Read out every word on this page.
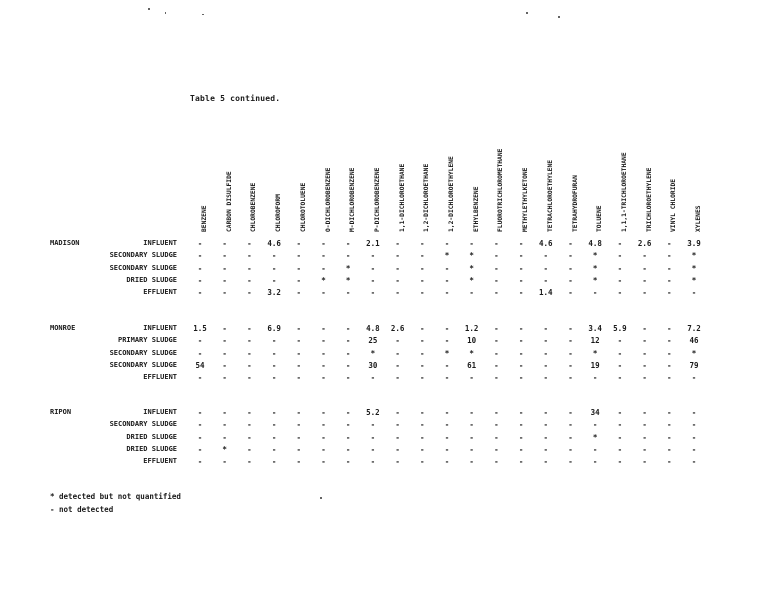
Table 5 continued.
BENZENE	CARBON DISULFIDE	CHLOROBENZENE	CHLOROFORM	CHLOROTOLUENE	O-DICHLOROBENZENE	M-DICHLOROBENZENE	P-DICHLOROBENZENE	1,1-DICHLOROETHANE	1,2-DICHLOROETHANE	1,2-DICHLOROETHYLENE	ETHYLBENZENE	FLUOROTRICHLOROMETHANE	METHYLETHYLKETONE	TETRACHLOROETHYLENE	TETRAHYDROFURAN	TOLUENE	1,1,1-TRICHLOROETHANE	TRICHLOROETHYLENE	VINYL CHLORIDE	XYLENES
MADISON	INFLUENT	-	-	-	4.6	-	-	-	2.1	-	-	-	-	-	-	4.6	-	4.8	-	2.6	-	3.9
SECONDARY SLUDGE	-	-	-	-	-	-	-	-	-	-	*	*	-	-	-	-	*	-	-	-	*
SECONDARY SLUDGE	-	-	-	-	-	-	*	-	-	-	-	*	-	-	-	-	*	-	-	-	*
DRIED SLUDGE	-	-	-	-	-	*	*	-	-	-	-	*	-	-	-	-	*	-	-	-	*
EFFLUENT	-	-	-	3.2	-	-	-	-	-	-	-	-	-	-	1.4	-	-	-	-	-	-
MONROE	INFLUENT	1.5	-	-	6.9	-	-	-	4.8	2.6	-	-	1.2	-	-	-	-	3.4	5.9	-	-	7.2
PRIMARY SLUDGE	-	-	-	-	-	-	-	25	-	-	-	10	-	-	-	-	12	-	-	-	46
SECONDARY SLUDGE	-	-	-	-	-	-	-	*	-	-	*	*	-	-	-	-	*	-	-	-	*
SECONDARY SLUDGE	54	-	-	-	-	-	-	30	-	-	-	61	-	-	-	-	19	-	-	-	79
EFFLUENT	-	-	-	-	-	-	-	-	-	-	-	-	-	-	-	-	-	-	-	-	-
RIPON	INFLUENT	-	-	-	-	-	-	-	5.2	-	-	-	-	-	-	-	-	34	-	-	-	-
SECONDARY SLUDGE	-	-	-	-	-	-	-	-	-	-	-	-	-	-	-	-	-	-	-	-	-
DRIED SLUDGE	-	-	-	-	-	-	-	-	-	-	-	-	-	-	-	-	*	-	-	-	-
DRIED SLUDGE	-	*	-	-	-	-	-	-	-	-	-	-	-	-	-	-	-	-	-	-	-
EFFLUENT	-	-	-	-	-	-	-	-	-	-	-	-	-	-	-	-	-	-	-	-	-
* detected but not quantified
- not detected
